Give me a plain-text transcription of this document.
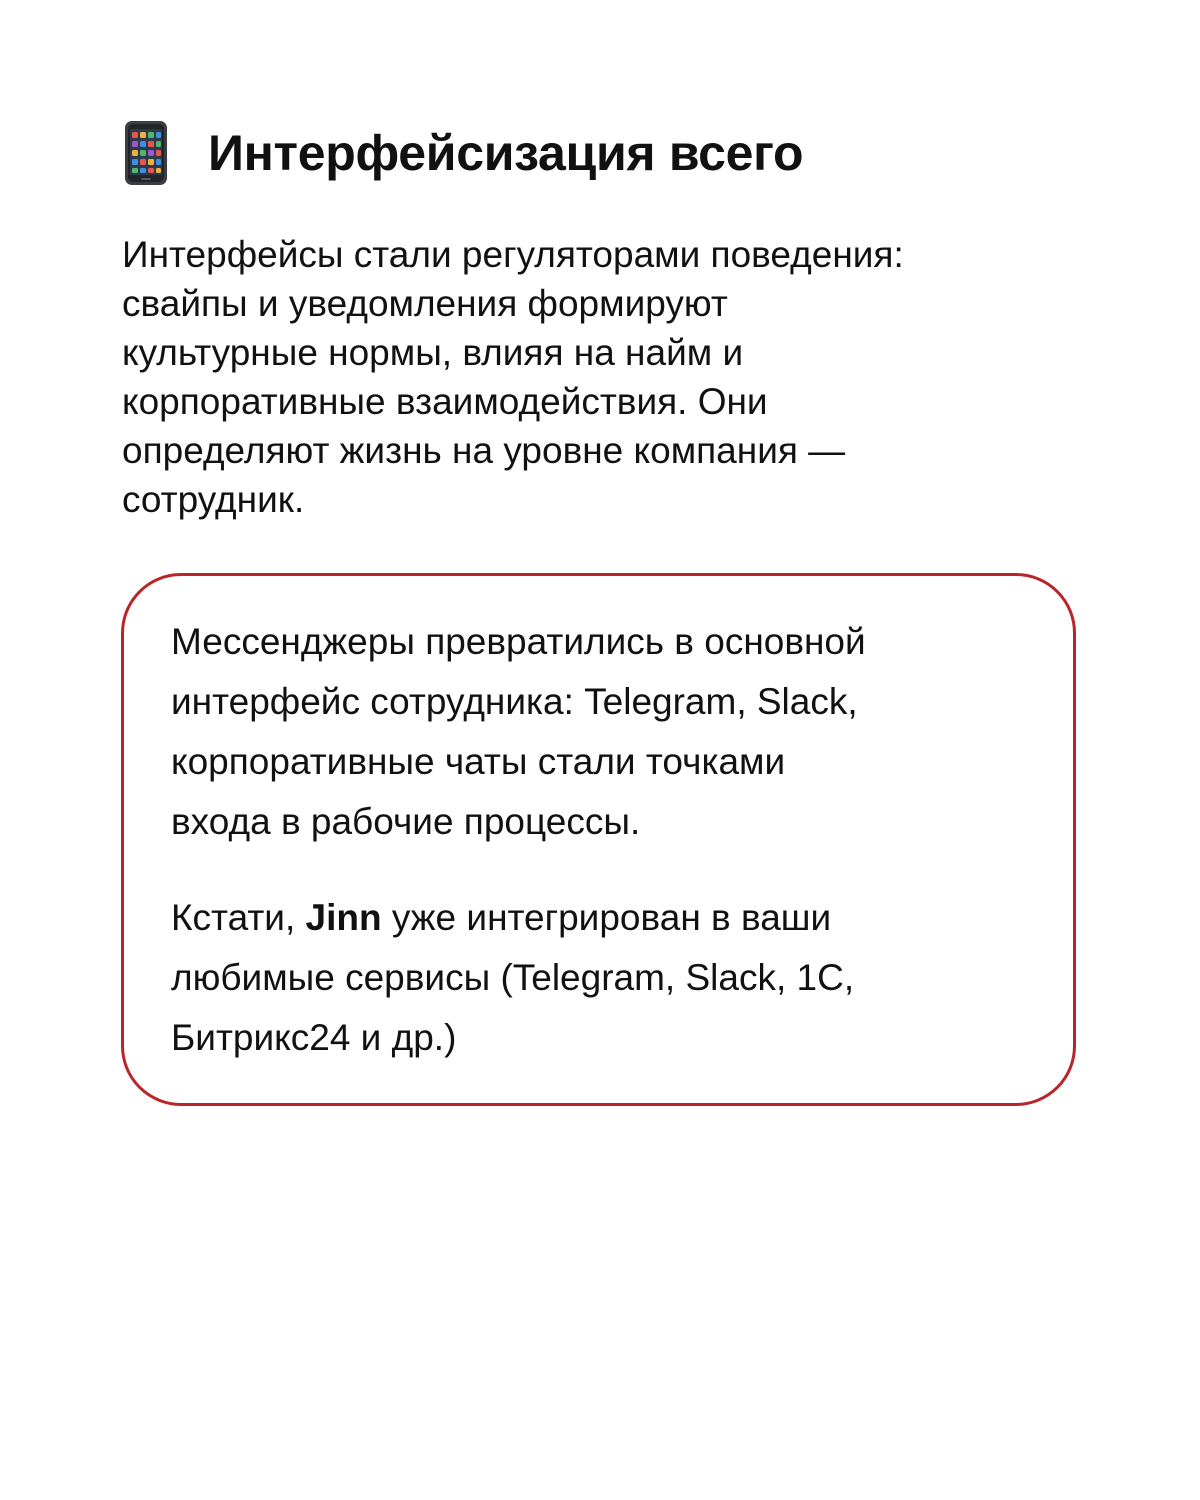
Интерфейсизация всего

Интерфейсы стали регуляторами поведения:
свайпы и уведомления формируют
культурные нормы, влияя на найм и
корпоративные взаимодействия. Они
определяют жизнь на уровне компания —
сотрудник.

Мессенджеры превратились в основной
интерфейс сотрудника: Telegram, Slack,
корпоративные чаты стали точками
входа в рабочие процессы.

Кстати, Jinn уже интегрирован в ваши
любимые сервисы (Telegram, Slack, 1С,
Битрикс24 и др.)
